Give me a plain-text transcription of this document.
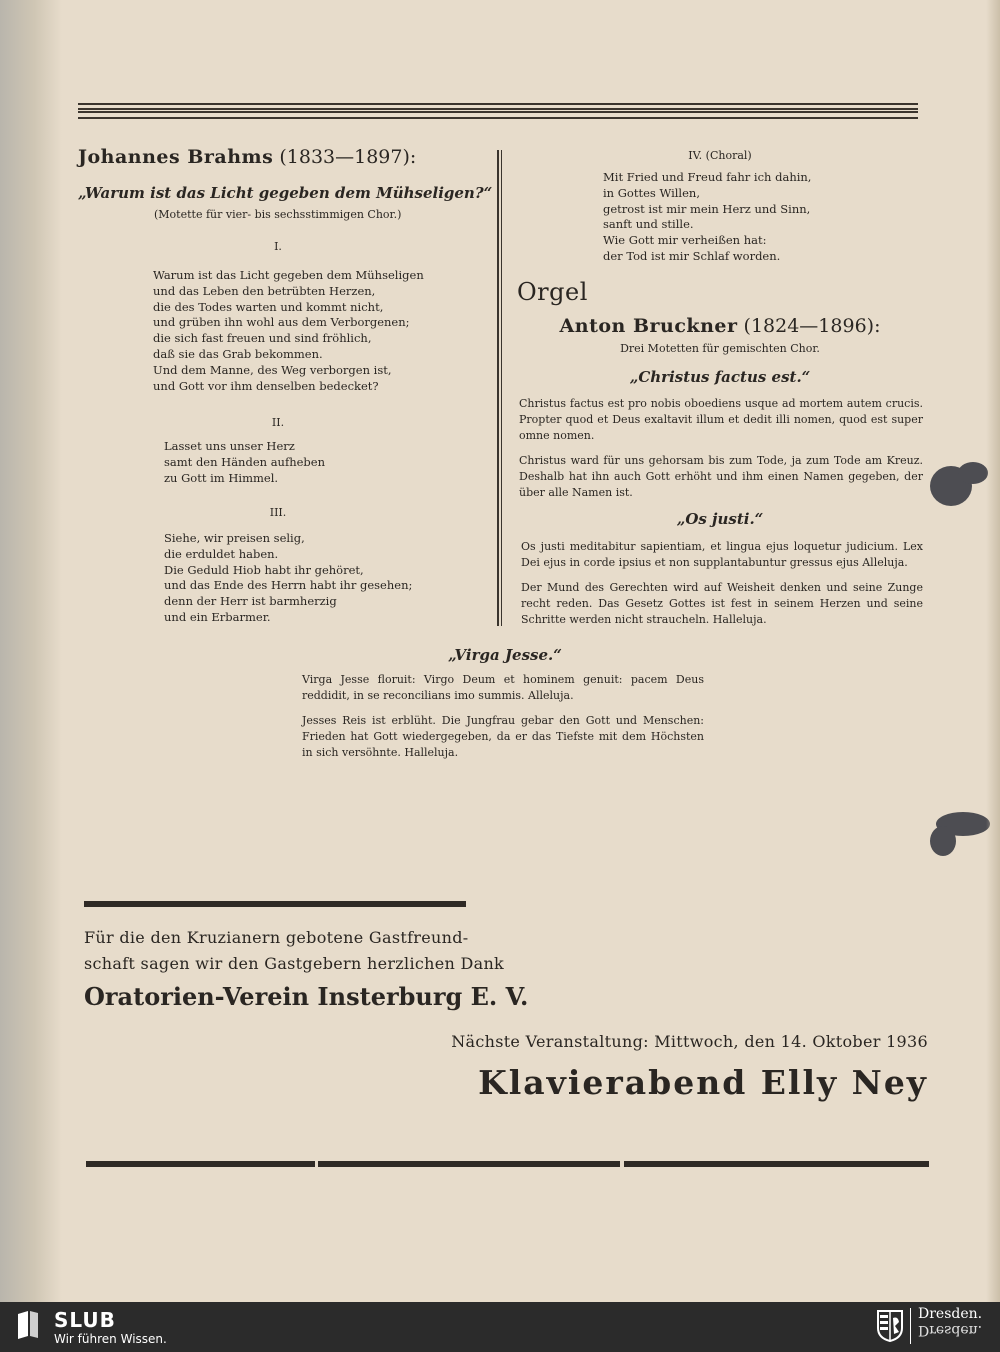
Johannes Brahms (1833—1897):
„Warum ist das Licht gegeben dem Mühseligen?“
(Motette für vier- bis sechsstimmigen Chor.)
I.

Warum ist das Licht gegeben dem Mühseligen

und das Leben den betrübten Herzen,

die des Todes warten und kommt nicht,

und grüben ihn wohl aus dem Verborgenen;

die sich fast freuen und sind fröhlich,

daß sie das Grab bekommen.

Und dem Manne, des Weg verborgen ist,

und Gott vor ihm denselben bedecket?

II.

Lasset uns unser Herz

samt den Händen aufheben

zu Gott im Himmel.

III.

Siehe, wir preisen selig,

die erduldet haben.

Die Geduld Hiob habt ihr gehöret,

und das Ende des Herrn habt ihr gesehen;

denn der Herr ist barmherzig

und ein Erbarmer.

IV. (Choral)

Mit Fried und Freud fahr ich dahin,

in Gottes Willen,

getrost ist mir mein Herz und Sinn,

sanft und stille.

Wie Gott mir verheißen hat:

der Tod ist mir Schlaf worden.

Orgel
Anton Bruckner (1824—1896):
Drei Motetten für gemischten Chor.
„Christus factus est.“

Christus factus est pro nobis oboediens usque ad mortem autem crucis. Propter quod et Deus exaltavit illum et dedit illi nomen, quod est super omne nomen.

Christus ward für uns gehorsam bis zum Tode, ja zum Tode am Kreuz. Deshalb hat ihn auch Gott erhöht und ihm einen Namen gegeben, der über alle Namen ist.

„Os justi.“

Os justi meditabitur sapientiam, et lingua ejus loquetur judicium. Lex Dei ejus in corde ipsius et non supplantabuntur gressus ejus Alleluja.

Der Mund des Gerechten wird auf Weisheit denken und seine Zunge recht reden. Das Gesetz Gottes ist fest in seinem Herzen und seine Schritte werden nicht straucheln. Halleluja.

„Virga Jesse.“

Virga Jesse floruit: Virgo Deum et hominem genuit: pacem Deus reddidit, in se reconcilians imo summis. Alleluja.

Jesses Reis ist erblüht. Die Jungfrau gebar den Gott und Menschen: Frieden hat Gott wiedergegeben, da er das Tiefste mit dem Höchsten in sich versöhnte. Halleluja.

Für die den Kruzianern gebotene Gastfreund-
schaft sagen wir den Gastgebern herzlichen Dank
Oratorien-Verein Insterburg E. V.
Nächste Veranstaltung: Mittwoch, den 14. Oktober 1936
Klavierabend Elly Ney
SLUB
Wir führen Wissen.
Dresden.
Dresden.
